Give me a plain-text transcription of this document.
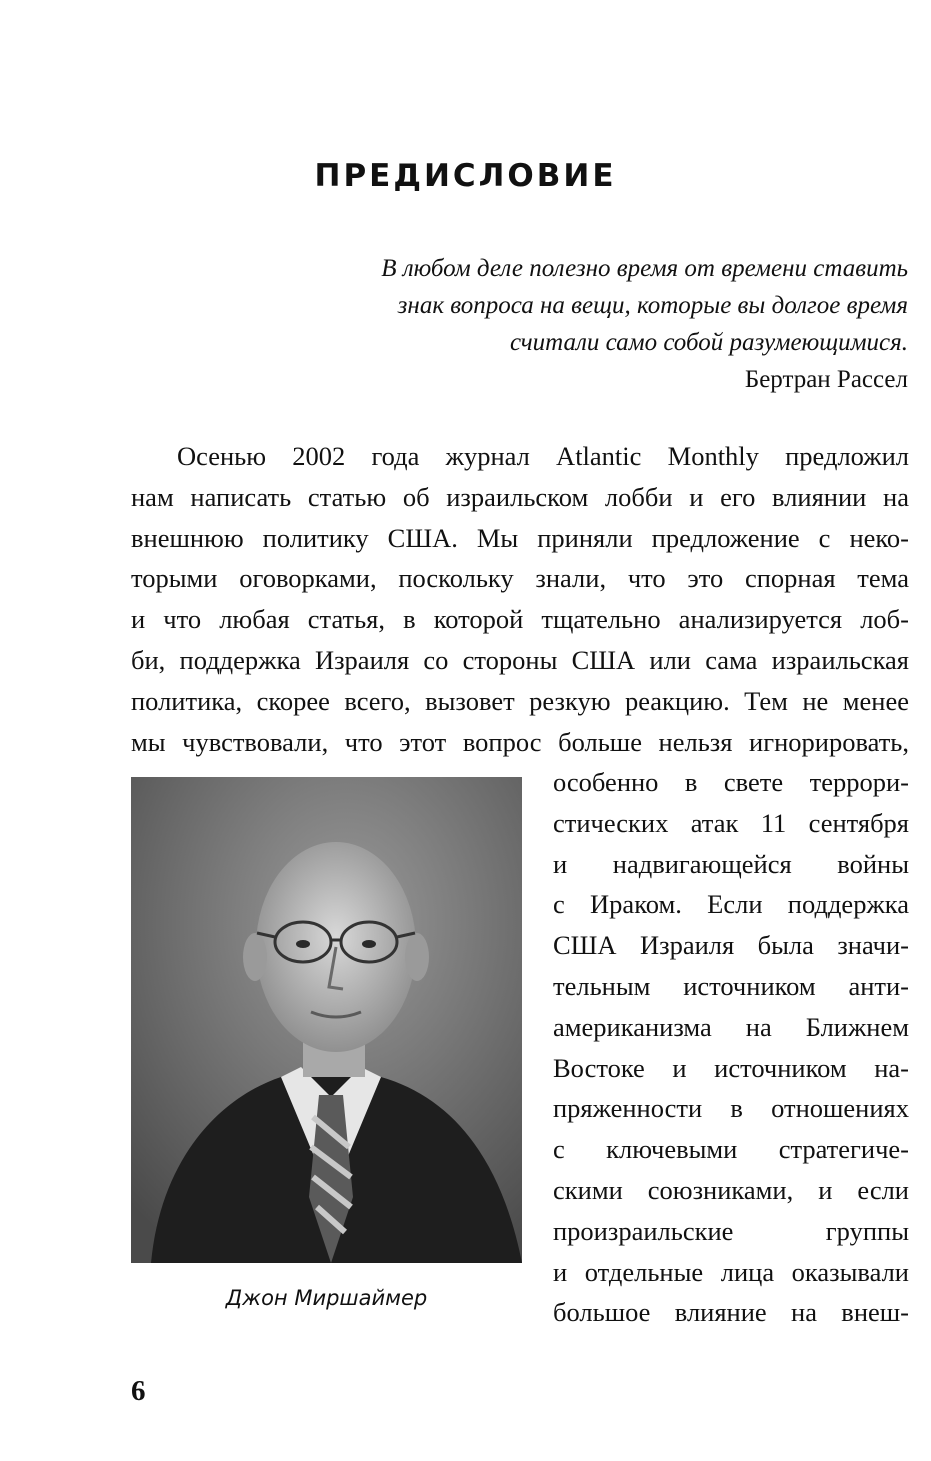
ПРЕДИСЛОВИЕ
В любом деле полезно время от времени ставить
знак вопроса на вещи, которые вы долгое время
считали само собой разумеющимися.
Бертран Рассел
Осенью 2002 года журнал Atlantic Monthly предложил
нам написать статью об израильском лобби и его влиянии на
внешнюю политику США. Мы приняли предложение с неко-
торыми оговорками, поскольку знали, что это спорная тема
и что любая статья, в которой тщательно анализируется лоб-
би, поддержка Израиля со стороны США или сама израильская
политика, скорее всего, вызовет резкую реакцию. Тем не менее
мы чувствовали, что этот вопрос больше нельзя игнорировать,
Джон Миршаймер
особенно в свете террори-
стических атак 11 сентября
и надвигающейся войны
с Ираком. Если поддержка
США Израиля была значи-
тельным источником анти-
американизма на Ближнем
Востоке и источником на-
пряженности в отношениях
с ключевыми стратегиче-
скими союзниками, и если
произраильские группы
и отдельные лица оказывали
большое влияние на внеш-
6
